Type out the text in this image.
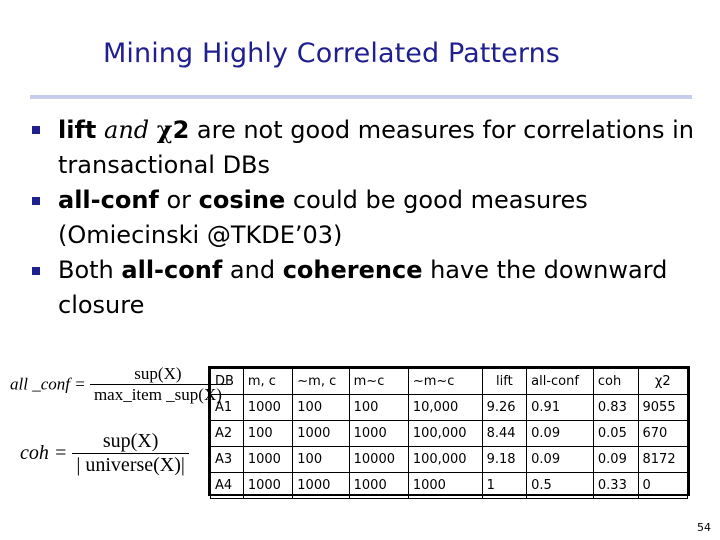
Mining Highly Correlated Patterns
lift and χ2 are not good measures for correlations in transactional DBs
all-conf or cosine could be good measures (Omiecinski @TKDE’03)
Both all-conf and coherence have the downward closure
all _conf = $\frac{\text{sup(X)}}{\text{max\_item \_sup(X)}}$
coh = $\frac{\text{sup(X)}}{\text{| universe(X)|}}$
DB	m, c	~m, c	m~c	~m~c	lift	all-conf	coh	χ2
A1	1000	100	100	10,000	9.26	0.91	0.83	9055
A2	100	1000	1000	100,000	8.44	0.09	0.05	670
A3	1000	100	10000	100,000	9.18	0.09	0.09	8172
A4	1000	1000	1000	1000	1	0.5	0.33	0
54
